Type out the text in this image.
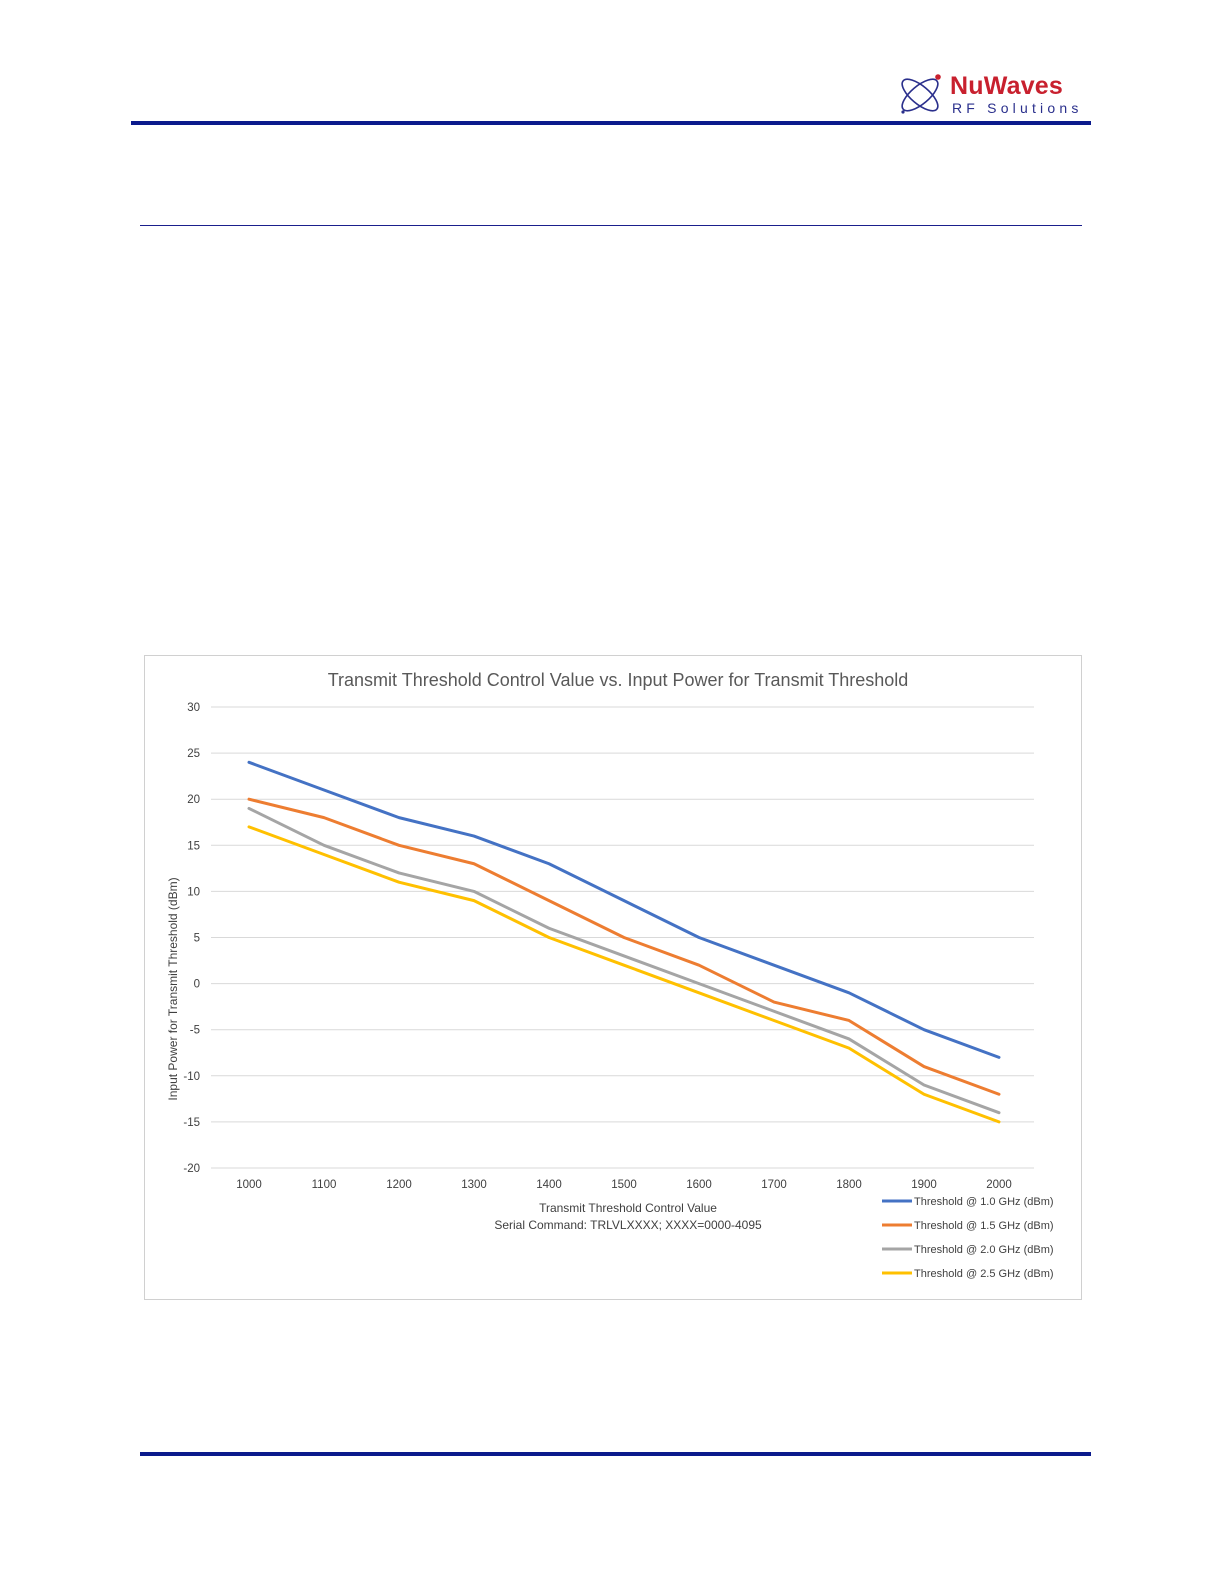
NuWaves
RF Solutions
Transmit Threshold Control Value vs. Input Power for Transmit Threshold
30
25
20
15
10
5
0
-5
-10
-15
-20
1000	1100	1200	1300	1400	1500	1600	1700	1800	1900	2000
Transmit Threshold Control Value
Serial Command: TRLVLXXXX; XXXX=0000-4095
Input Power for Transmit Threshold (dBm)
Threshold @ 1.0 GHz (dBm)
Threshold @ 1.5 GHz (dBm)
Threshold @ 2.0 GHz (dBm)
Threshold @ 2.5 GHz (dBm)
